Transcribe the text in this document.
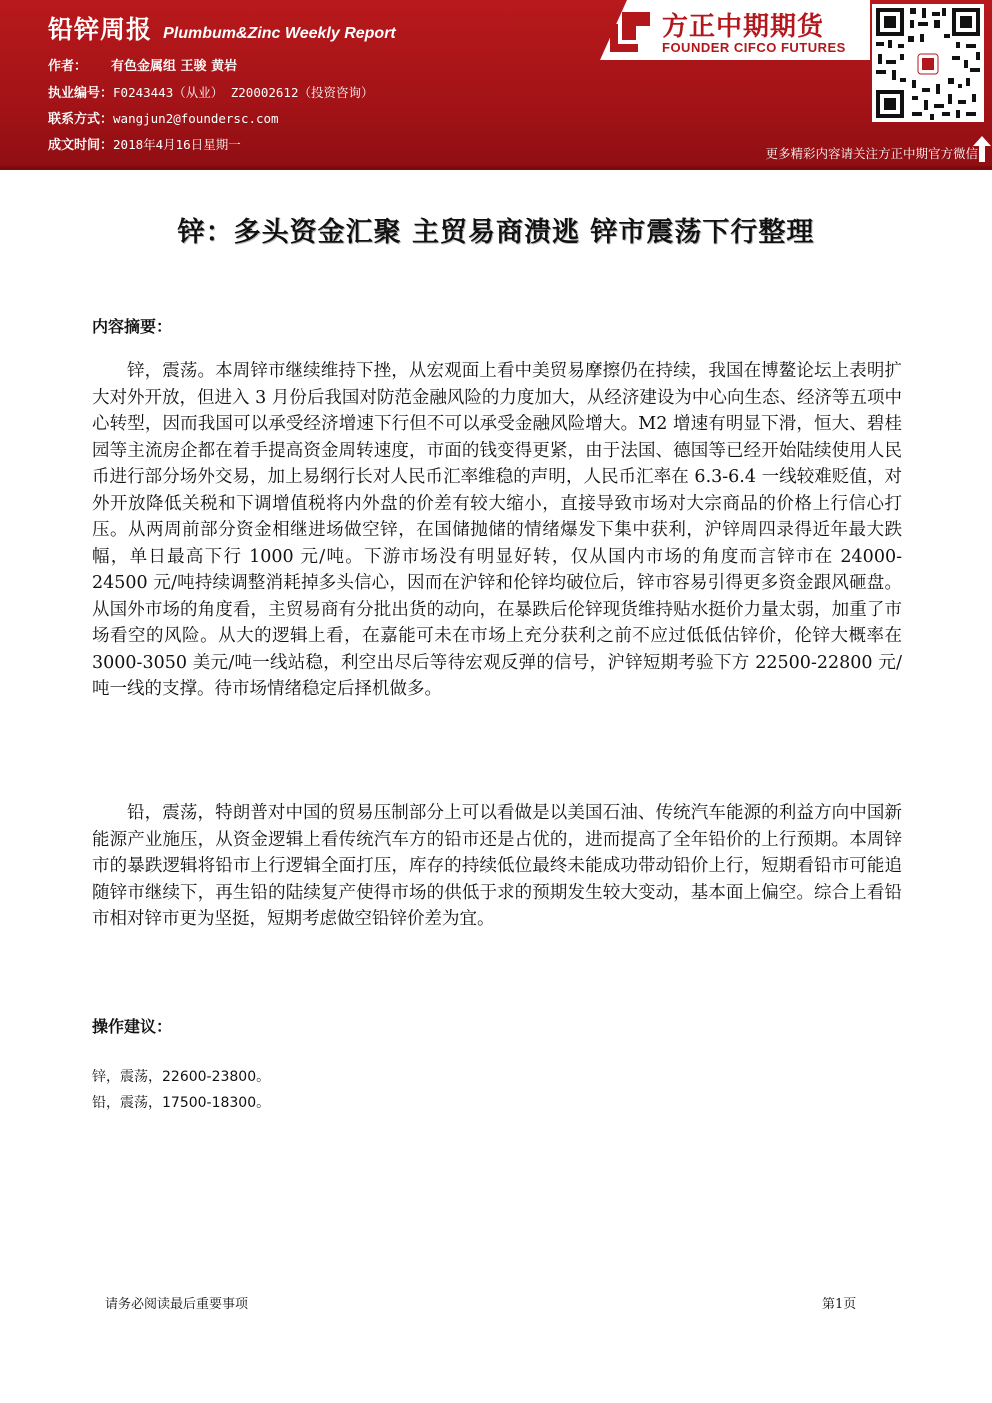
铅锌周报 Plumbum&Zinc Weekly Report
作者： 有色金属组 王骏 黄岩
执业编号：F0243443（从业） Z20002612（投资咨询）
联系方式：wangjun2@foundersc.com
成文时间：2018年4月16日星期一
方正中期期货
FOUNDER CIFCO FUTURES
更多精彩内容请关注方正中期官方微信
锌：多头资金汇聚 主贸易商溃逃 锌市震荡下行整理
内容摘要：
锌，震荡。本周锌市继续维持下挫，从宏观面上看中美贸易摩擦仍在持续，我国在博鳌论坛上表明扩大对外开放，但进入 3 月份后我国对防范金融风险的力度加大，从经济建设为中心向生态、经济等五项中心转型，因而我国可以承受经济增速下行但不可以承受金融风险增大。M2 增速有明显下滑，恒大、碧桂园等主流房企都在着手提高资金周转速度，市面的钱变得更紧，由于法国、德国等已经开始陆续使用人民币进行部分场外交易，加上易纲行长对人民币汇率维稳的声明，人民币汇率在 6.3-6.4 一线较难贬值，对外开放降低关税和下调增值税将内外盘的价差有较大缩小，直接导致市场对大宗商品的价格上行信心打压。从两周前部分资金相继进场做空锌，在国储抛储的情绪爆发下集中获利，沪锌周四录得近年最大跌幅，单日最高下行 1000 元/吨。下游市场没有明显好转，仅从国内市场的角度而言锌市在 24000-24500 元/吨持续调整消耗掉多头信心，因而在沪锌和伦锌均破位后，锌市容易引得更多资金跟风砸盘。从国外市场的角度看，主贸易商有分批出货的动向，在暴跌后伦锌现货维持贴水挺价力量太弱，加重了市场看空的风险。从大的逻辑上看，在嘉能可未在市场上充分获利之前不应过低低估锌价，伦锌大概率在 3000-3050 美元/吨一线站稳，利空出尽后等待宏观反弹的信号，沪锌短期考验下方 22500-22800 元/吨一线的支撑。待市场情绪稳定后择机做多。
铅，震荡，特朗普对中国的贸易压制部分上可以看做是以美国石油、传统汽车能源的利益方向中国新能源产业施压，从资金逻辑上看传统汽车方的铅市还是占优的，进而提高了全年铅价的上行预期。本周锌市的暴跌逻辑将铅市上行逻辑全面打压，库存的持续低位最终未能成功带动铅价上行，短期看铅市可能追随锌市继续下，再生铅的陆续复产使得市场的供低于求的预期发生较大变动，基本面上偏空。综合上看铅市相对锌市更为坚挺，短期考虑做空铅锌价差为宜。
操作建议：
锌，震荡，22600-23800。
铅，震荡，17500-18300。
请务必阅读最后重要事项	第1页
